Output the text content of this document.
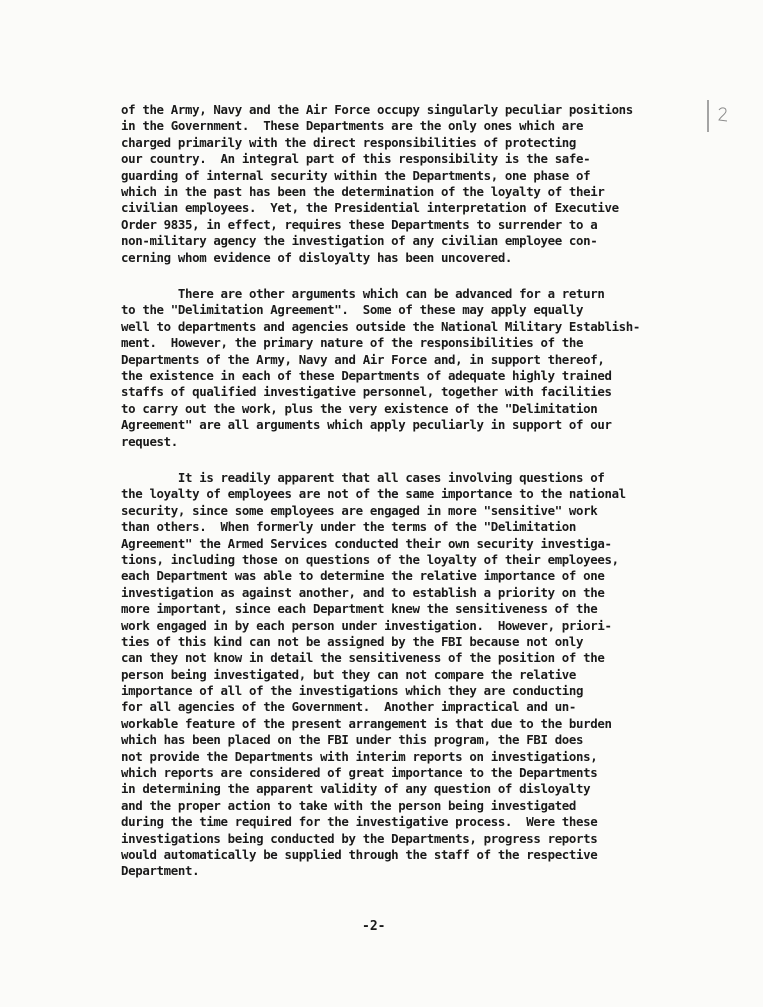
of the Army, Navy and the Air Force occupy singularly peculiar positions
in the Government.  These Departments are the only ones which are
charged primarily with the direct responsibilities of protecting
our country.  An integral part of this responsibility is the safe-
guarding of internal security within the Departments, one phase of
which in the past has been the determination of the loyalty of their
civilian employees.  Yet, the Presidential interpretation of Executive
Order 9835, in effect, requires these Departments to surrender to a
non-military agency the investigation of any civilian employee con-
cerning whom evidence of disloyalty has been uncovered.
There are other arguments which can be advanced for a return
to the "Delimitation Agreement".  Some of these may apply equally
well to departments and agencies outside the National Military Establish-
ment.  However, the primary nature of the responsibilities of the
Departments of the Army, Navy and Air Force and, in support thereof,
the existence in each of these Departments of adequate highly trained
staffs of qualified investigative personnel, together with facilities
to carry out the work, plus the very existence of the "Delimitation
Agreement" are all arguments which apply peculiarly in support of our
request.
It is readily apparent that all cases involving questions of
the loyalty of employees are not of the same importance to the national
security, since some employees are engaged in more "sensitive" work
than others.  When formerly under the terms of the "Delimitation
Agreement" the Armed Services conducted their own security investiga-
tions, including those on questions of the loyalty of their employees,
each Department was able to determine the relative importance of one
investigation as against another, and to establish a priority on the
more important, since each Department knew the sensitiveness of the
work engaged in by each person under investigation.  However, priori-
ties of this kind can not be assigned by the FBI because not only
can they not know in detail the sensitiveness of the position of the
person being investigated, but they can not compare the relative
importance of all of the investigations which they are conducting
for all agencies of the Government.  Another impractical and un-
workable feature of the present arrangement is that due to the burden
which has been placed on the FBI under this program, the FBI does
not provide the Departments with interim reports on investigations,
which reports are considered of great importance to the Departments
in determining the apparent validity of any question of disloyalty
and the proper action to take with the person being investigated
during the time required for the investigative process.  Were these
investigations being conducted by the Departments, progress reports
would automatically be supplied through the staff of the respective
Department.
-2-
